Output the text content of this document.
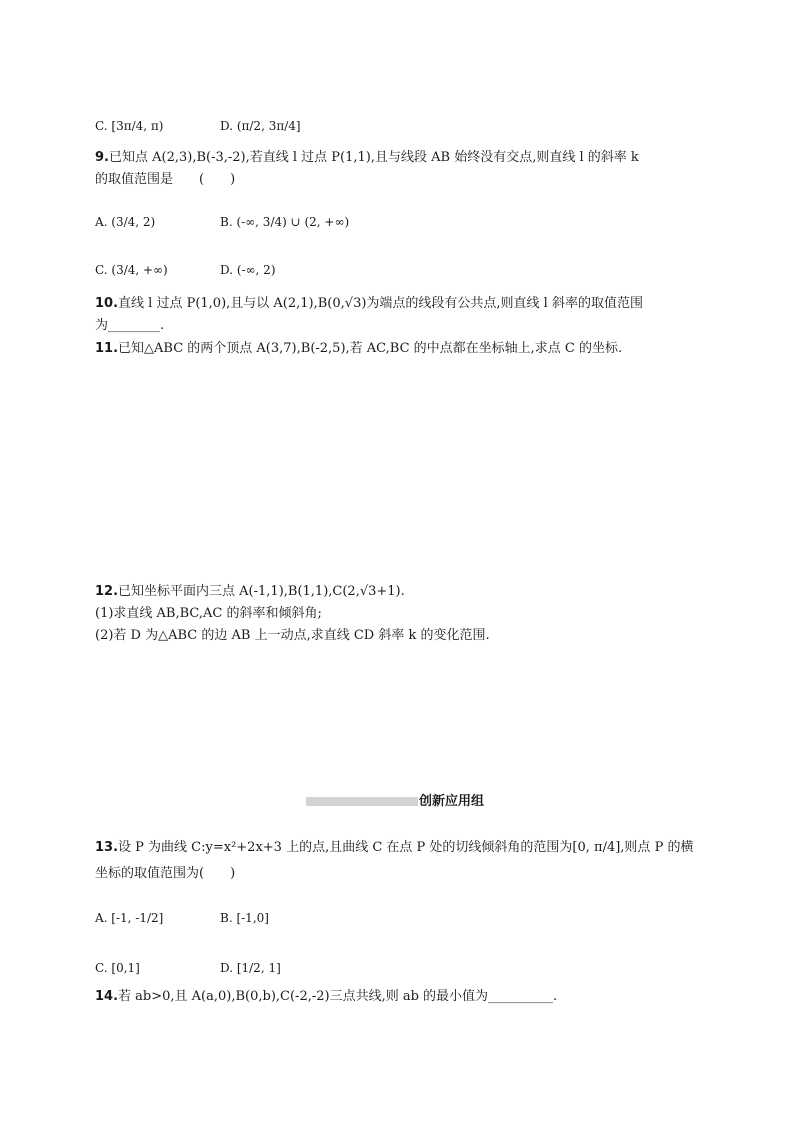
C. [3π/4, π)	D. (π/2, 3π/4]
9.已知点 A(2,3),B(-3,-2),若直线 l 过点 P(1,1),且与线段 AB 始终没有交点,则直线 l 的斜率 k
的取值范围是　　(　　)
A. (3/4, 2)	B. (-∞, 3/4) ∪ (2, +∞)
C. (3/4, +∞)	D. (-∞, 2)
10.直线 l 过点 P(1,0),且与以 A(2,1),B(0,√3)为端点的线段有公共点,则直线 l 斜率的取值范围
为________.
11.已知△ABC 的两个顶点 A(3,7),B(-2,5),若 AC,BC 的中点都在坐标轴上,求点 C 的坐标.
12.已知坐标平面内三点 A(-1,1),B(1,1),C(2,√3+1).
(1)求直线 AB,BC,AC 的斜率和倾斜角;
(2)若 D 为△ABC 的边 AB 上一动点,求直线 CD 斜率 k 的变化范围.
创新应用组
13.设 P 为曲线 C:y=x²+2x+3 上的点,且曲线 C 在点 P 处的切线倾斜角的范围为[0, π/4],则点 P 的横
坐标的取值范围为(　　)
A. [-1, -1/2]	B. [-1,0]
C. [0,1]	D. [1/2, 1]
14.若 ab>0,且 A(a,0),B(0,b),C(-2,-2)三点共线,则 ab 的最小值为__________.
